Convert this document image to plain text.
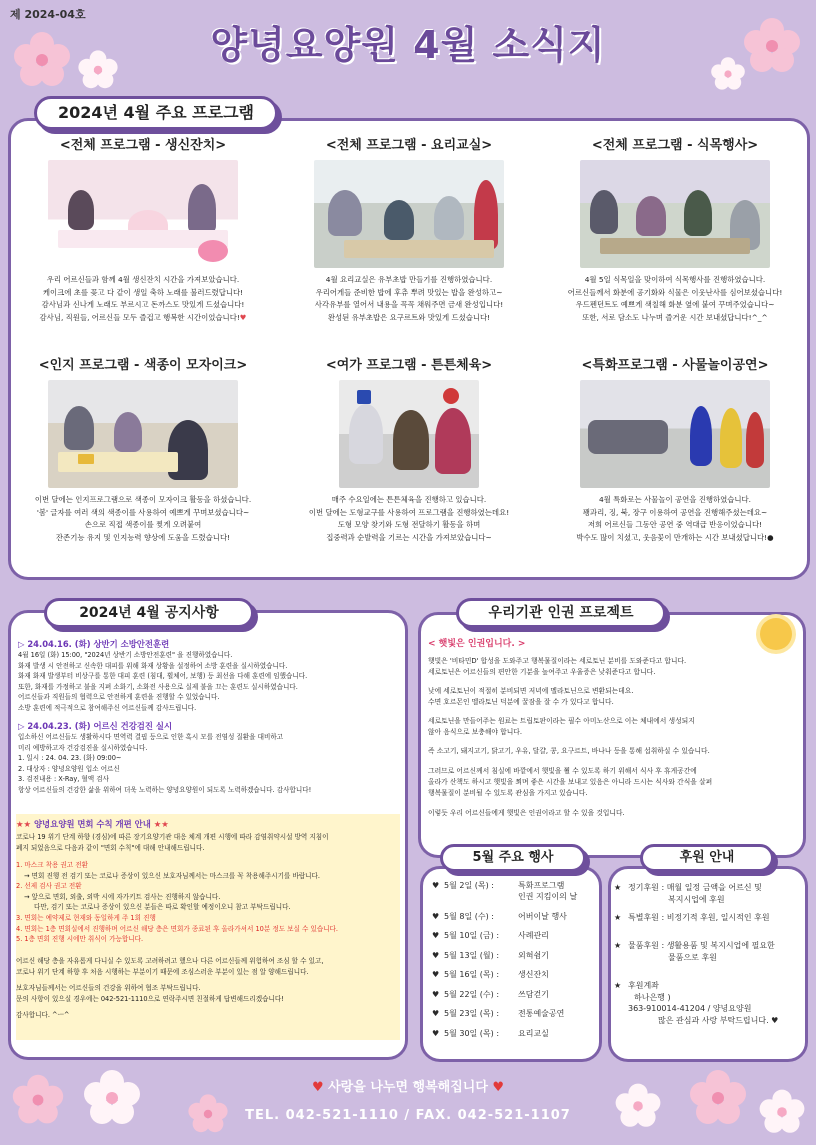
제 2024-04호
양녕요양원 4월 소식지
2024년 4월 주요 프로그램
<전체 프로그램 - 생신잔치>

우리 어르신들과 함께 4월 생신잔치 시간을 가져보았습니다.
케이크에 초를 꽂고 다 같이 생일 축하 노래를 불러드렸답니다!
감사님과 신나게 노래도 부르시고 돈까스도 맛있게 드셨습니다!
감사님, 직원들, 어르신들 모두 즐겁고 행복한 시간이었습니다!♥

<전체 프로그램 - 요리교실>

4월 요리교실은 유부초밥 만들기를 진행하였습니다.
우리어게들 준비한 밥에 후츄 뿌려 맛있는 밥을 완성하고~
사각유부를 열어서 내용을 꼭꼭 채워주면 금새 완성입니다!
완성된 유부초밥은 요구르트와 맛있게 드셨습니다!

<전체 프로그램 - 식목행사>

4월 5일 식목일을 맞이하여 식목행사를 진행하였습니다.
어르신들께서 화분에 공기화와 식물은 이웃난사를 심어보셨습니다!
우드펜던트도 예쁘게 색칠해 화분 옆에 붙여 꾸며주었습니다~
또한, 서로 담소도 나누며 즐거운 시간 보내셨답니다!^_^

<인지 프로그램 - 색종이 모자이크>

이번 달에는 인지프로그램으로 색종이 모자이크 활동을 하셨습니다.
'봄' 글자를 여러 색의 색종이를 사용하여 예쁘게 꾸며보셨습니다~
손으로 직접 색종이를 찢게 오려붙여
잔존기능 유지 및 인지능력 향상에 도움을 드렸습니다!

<여가 프로그램 - 튼튼체육>

매주 수요일에는 튼튼체육을 진행하고 있습니다.
이번 달에는 도형교구를 사용하여 프로그램을 진행하였는데요!
도형 모양 찾기와 도형 전달하기 활동을 하며
집중력과 순발력을 기르는 시간을 가져보았습니다~

<특화프로그램 - 사물놀이공연>

4월 특화로는 사물놀이 공연을 진행하였습니다.
꽹과리, 징, 북, 장구 이용하여 공연을 진행해주셨는데요~
저희 어르신들 그동안 공연 중 역대급 반응이었습니다!
박수도 많이 치셨고, 웃음꽃이 만개하는 시간 보내셨답니다!●

2024년 4월 공지사항
▷ 24.04.16. (화) 상반기 소방안전훈련
4월 16일 (화) 15:00, "2024년 상반기 소방안전훈련" 을 진행하였습니다.
화재 발생 시 안전하고 신속한 대피를 위해 화재 상황을 설정하여 소방 훈련을 실시하였습니다.
화재 화재 발생부터 비상구를 통한 대피 훈련 (침대, 휠체어, 보행) 등 최선을 다해 훈련에 임했습니다.
또한, 화재를 가정하고 불을 지펴 소화기, 소화전 사용으로 실제 불을 끄는 훈련도 실시하였습니다.
어르신들과 직원들의 협력으로 안전하게 훈련을 진행할 수 있었습니다.
소방 훈련에 적극적으로 참여해주신 어르신들께 감사드립니다.
▷ 24.04.23. (화) 어르신 건강검진 실시
입소하신 어르신들도 생활하시다 면역력 결핍 등으로 인한 혹시 모를 전염성 질환을 대비하고
미리 예방하고자 건강검진을 실시하였습니다.
1. 일시 : 24. 04. 23. (화) 09:00~
2. 대상자 : 양녕요양원 입소 어르신
3. 검진내용 : X-Ray, 혈액 검사
항상 어르신들의 건강한 삶을 위하여 더욱 노력하는 양녕요양원이 되도록 노력하겠습니다. 감사합니다!
★★ 양녕요양원 면회 수칙 개편 안내 ★★
코로나 19 위기 단계 하향 (경심)에 따른 장기요양기관 대응 체계 개편 시행에 따라 감염취약시설 방역 지침이
폐지 되었음으로 다음과 같이 "면회 수칙"에 대해 안내해드립니다.
1. 마스크 착용 권고 전환
→ 면회 진행 전 검기 또는 코로나 증상이 있으신 보호자님께서는 마스크를 꼭 착용해주시기를 바랍니다.
2. 선제 검사 권고 전환
→ 앞으로 면회, 외출, 외박 시에 자가키트 검사는 진행하지 않습니다.
다만, 검기 또는 코로나 증상이 있으신 분들은 따로 확인할 예정이오니 참고 부탁드립니다.
3. 면회는 예약제로 현재와 동일하게 주 1회 진행
4. 면회는 1층 면회실에서 진행하며 어르신 해당 층은 면회가 종료된 후 올라가셔서 10분 정도 보실 수 있습니다.
5. 1층 면회 진행 시에만 취식이 가능합니다.
어르신 해당 층을 자유롭게 다니실 수 있도록 고려하려고 했으나 다른 어르신들께 위험하여 조심 할 수 있고,
코로나 위기 단계 하향 후 처음 시행하는 부분이기 때문에 조심스러운 부분이 있는 점 알 양해드립니다.
보호자님들께서는 어르신들의 건강을 위하여 협조 부탁드립니다.
문의 사항이 있으실 경우에는 042-521-1110으로 연락주시면 친절하게 답변해드리겠습니다!
감사합니다. ^ㅡ^
우리기관 인권 프로젝트
< 햇빛은 인권입니다. >
햇빛은 '비타민D' 합성을 도와주고 행복물질이라는 세로토닌 분비를 도와준다고 합니다.
세로토닌은 어르신들의 편안한 기분을 높여주고 우울증은 낮춰준다고 합니다.
낮에 세로토닌이 적절히 분비되면 저녁에 멜라토닌으로 변환되는데요.
수면 호르몬인 멜라토닌 덕분에 꿀잠을 잘 수 가 있다고 합니다.
세로토닌을 만들어주는 원료는 트립토판이라는 필수 아미노산으로 이는 체내에서 생성되지
않아 음식으로 보충해야 합니다.
즉 소고기, 돼지고기, 닭고기, 우유, 달걀, 콩, 요구르트, 바나나 등을 통해 섭취하실 수 있습니다.
그러므로 어르신께서 침실에 바깥에서 햇빛을 쬘 수 있도록 하기 위해서 식사 후 휴게공간에
올라가 산책도 하시고 햇빛을 쬐며 좋은 시간을 보내고 있음은 아니라 드시는 식사와 간식을 살펴
행복물질이 분비될 수 있도록 관심을 가지고 있습니다.
이렇듯 우리 어르신들에게 햇빛은 인권이라고 할 수 있을 것입니다.
5월 주요 행사
♥ 5월 2일 (목) :	특화프로그램
인권 지킴이의 날
♥ 5월 8일 (수) :	어버이날 행사
♥ 5월 10일 (금) :	사례관리
♥ 5월 13일 (월) :	외혀쉼기
♥ 5월 16일 (목) :	생신잔치
♥ 5월 22일 (수) :	쓰담걷기
♥ 5월 23일 (목) :	전통예술공연
♥ 5월 30일 (목) :	요리교실
후원 안내
★ 정기후원 : 매월 일정 금액을 어르신 및
복지시업에 후원
★ 특별후원 : 비정기적 후원, 일시적인 후원
★ 물품후원 : 생활용품 및 복지시업에 필요한
물품으로 후원
★ 후원계좌
하나은행 )
363-910014-41204 / 양녕요양원
많은 관심과 사랑 부탁드립니다. ♥
♥ 사랑을 나누면 행복해집니다 ♥
TEL. 042-521-1110 / FAX. 042-521-1107
